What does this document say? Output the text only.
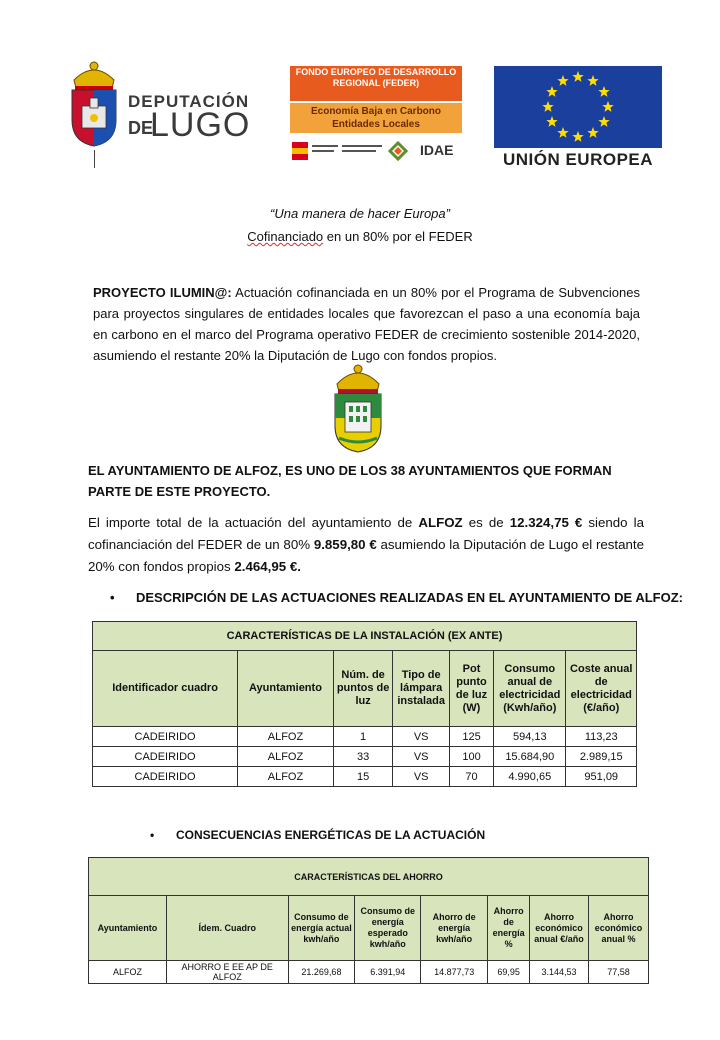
DEPUTACIÓN
DE
LUGO
FONDO EUROPEO DE DESARROLLO REGIONAL (FEDER)
Economía Baja en Carbono Entidades Locales
IDAE	UNIÓN EUROPEA
“Una manera de hacer Europa”
Cofinanciado en un 80% por el FEDER
PROYECTO ILUMIN@: Actuación cofinanciada en un 80% por el Programa de Subvenciones para proyectos singulares de entidades locales que favorezcan el paso a una economía baja en carbono en el marco del Programa operativo FEDER de crecimiento sostenible 2014-2020, asumiendo el restante 20% la Diputación de Lugo con fondos propios.
EL AYUNTAMIENTO DE ALFOZ, ES UNO DE LOS 38 AYUNTAMIENTOS QUE FORMAN PARTE DE ESTE PROYECTO.
El importe total de la actuación del ayuntamiento de ALFOZ es de 12.324,75 € siendo la cofinanciación del FEDER de un 80% 9.859,80 € asumiendo la Diputación de Lugo el restante 20% con fondos propios 2.464,95 €.
• DESCRIPCIÓN DE LAS ACTUACIONES REALIZADAS EN EL AYUNTAMIENTO DE ALFOZ:
CARACTERÍSTICAS DE LA INSTALACIÓN (EX ANTE)						
Identificador cuadro	Ayuntamiento	Núm. de puntos de luz	Tipo de lámpara instalada	Pot punto de luz (W)	Consumo anual de electricidad (Kwh/año)	Coste anual de electricidad (€/año)
CADEIRIDO	ALFOZ	1	VS	125	594,13	113,23
CADEIRIDO	ALFOZ	33	VS	100	15.684,90	2.989,15
CADEIRIDO	ALFOZ	15	VS	70	4.990,65	951,09
• CONSECUENCIAS ENERGÉTICAS DE LA ACTUACIÓN
CARACTERÍSTICAS DEL AHORRO							
Ayuntamiento	Ídem. Cuadro	Consumo de energía actual kwh/año	Consumo de energía esperado kwh/año	Ahorro de energía kwh/año	Ahorro de energía %	Ahorro económico anual €/año	Ahorro económico anual %
ALFOZ	AHORRO E EE AP DE ALFOZ	21.269,68	6.391,94	14.877,73	69,95	3.144,53	77,58
